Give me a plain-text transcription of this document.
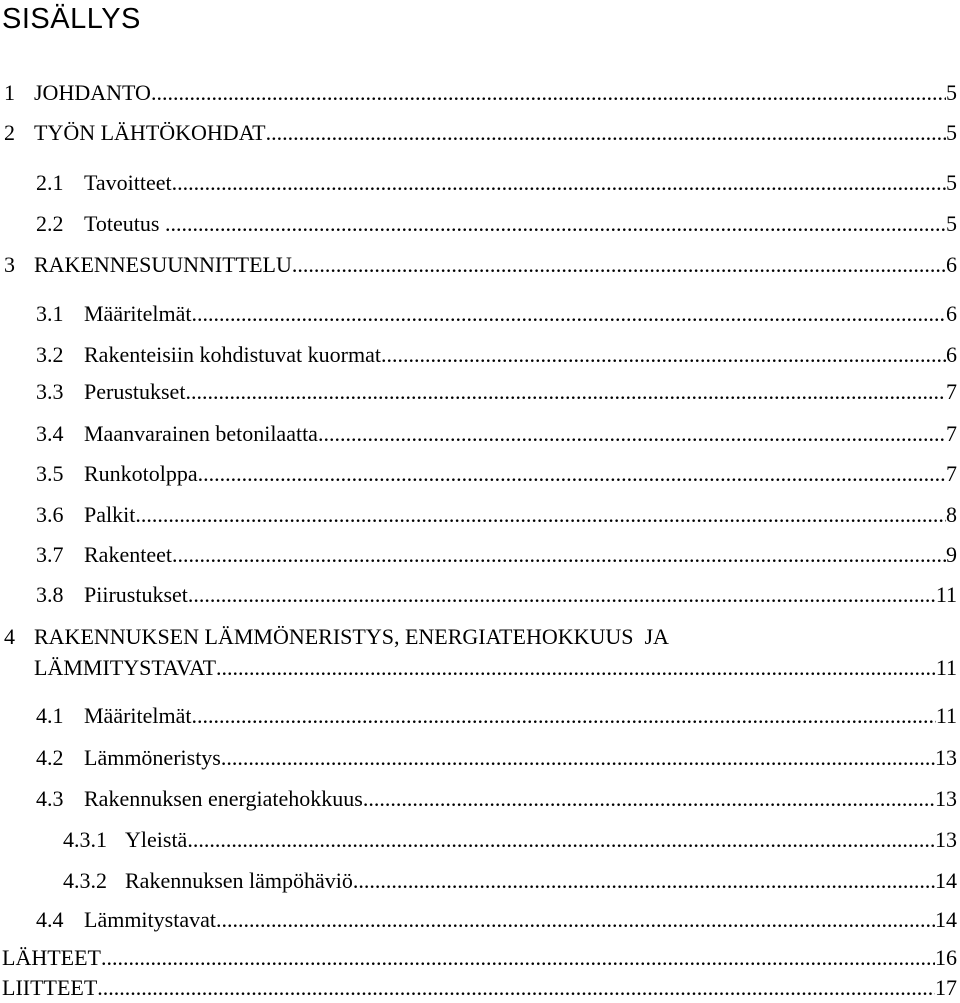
SISÄLLYS
1 JOHDANTO .....	5
2 TYÖN LÄHTÖKOHDAT .....	5
2.1 Tavoitteet .....	5
2.2 Toteutus . .....	5
3 RAKENNESUUNNITTELU .....	6
3.1 Määritelmät .....	6
3.2 Rakenteisiin kohdistuvat kuormat .....	6
3.3 Perustukset .....	7
3.4 Maanvarainen betonilaatta .....	7
3.5 Runkotolppa .....	7
3.6 Palkit .....	8
3.7 Rakenteet .....	9
3.8 Piirustukset .....	11
4 RAKENNUKSEN LÄMMÖNERISTYS, ENERGIATEHOKKUUS  JA
LÄMMITYSTAVAT .....	11
4.1 Määritelmät .....	11
4.2 Lämmöneristys .....	13
4.3 Rakennuksen energiatehokkuus .....	13
4.3.1 Yleistä .....	13
4.3.2 Rakennuksen lämpöhäviö .....	14
4.4 Lämmitystavat .....	14
LÄHTEET .....	16
LIITTEET .....	17
